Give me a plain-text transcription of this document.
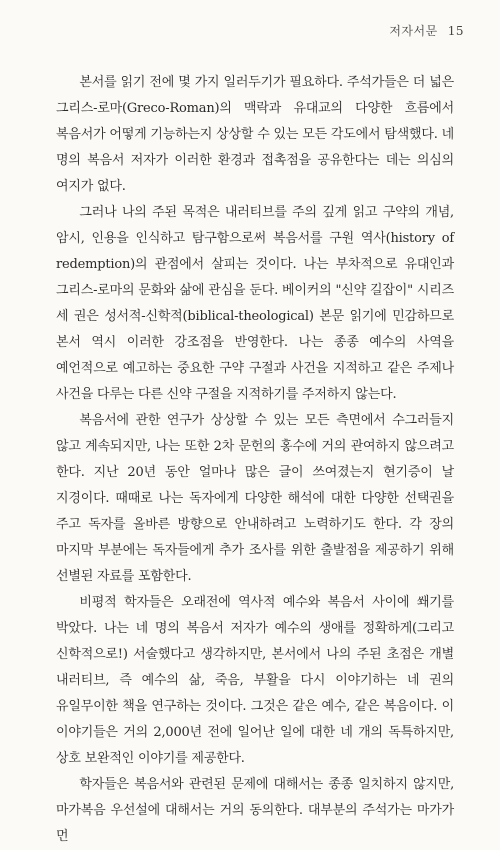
저자서문 15

본서를 읽기 전에 몇 가지 일러두기가 필요하다. 주석가들은 더 넓은 그리스-로마(Greco-Roman)의 맥락과 유대교의 다양한 흐름에서 복음서가 어떻게 기능하는지 상상할 수 있는 모든 각도에서 탐색했다. 네 명의 복음서 저자가 이러한 환경과 접촉점을 공유한다는 데는 의심의 여지가 없다.

그러나 나의 주된 목적은 내러티브를 주의 깊게 읽고 구약의 개념, 암시, 인용을 인식하고 탐구함으로써 복음서를 구원 역사(history of redemption)의 관점에서 살피는 것이다. 나는 부차적으로 유대인과 그리스-로마의 문화와 삶에 관심을 둔다. 베이커의 "신약 길잡이" 시리즈 세 권은 성서적-신학적(biblical-theological) 본문 읽기에 민감하므로 본서 역시 이러한 강조점을 반영한다. 나는 종종 예수의 사역을 예언적으로 예고하는 중요한 구약 구절과 사건을 지적하고 같은 주제나 사건을 다루는 다른 신약 구절을 지적하기를 주저하지 않는다.

복음서에 관한 연구가 상상할 수 있는 모든 측면에서 수그러들지 않고 계속되지만, 나는 또한 2차 문헌의 홍수에 거의 관여하지 않으려고 한다. 지난 20년 동안 얼마나 많은 글이 쓰여졌는지 현기증이 날 지경이다. 때때로 나는 독자에게 다양한 해석에 대한 다양한 선택권을 주고 독자를 올바른 방향으로 안내하려고 노력하기도 한다. 각 장의 마지막 부분에는 독자들에게 추가 조사를 위한 출발점을 제공하기 위해 선별된 자료를 포함한다.

비평적 학자들은 오래전에 역사적 예수와 복음서 사이에 쐐기를 박았다. 나는 네 명의 복음서 저자가 예수의 생애를 정확하게(그리고 신학적으로!) 서술했다고 생각하지만, 본서에서 나의 주된 초점은 개별 내러티브, 즉 예수의 삶, 죽음, 부활을 다시 이야기하는 네 권의 유일무이한 책을 연구하는 것이다. 그것은 같은 예수, 같은 복음이다. 이 이야기들은 거의 2,000년 전에 일어난 일에 대한 네 개의 독특하지만, 상호 보완적인 이야기를 제공한다.

학자들은 복음서와 관련된 문제에 대해서는 종종 일치하지 않지만, 마가복음 우선설에 대해서는 거의 동의한다. 대부분의 주석가는 마가가 먼
